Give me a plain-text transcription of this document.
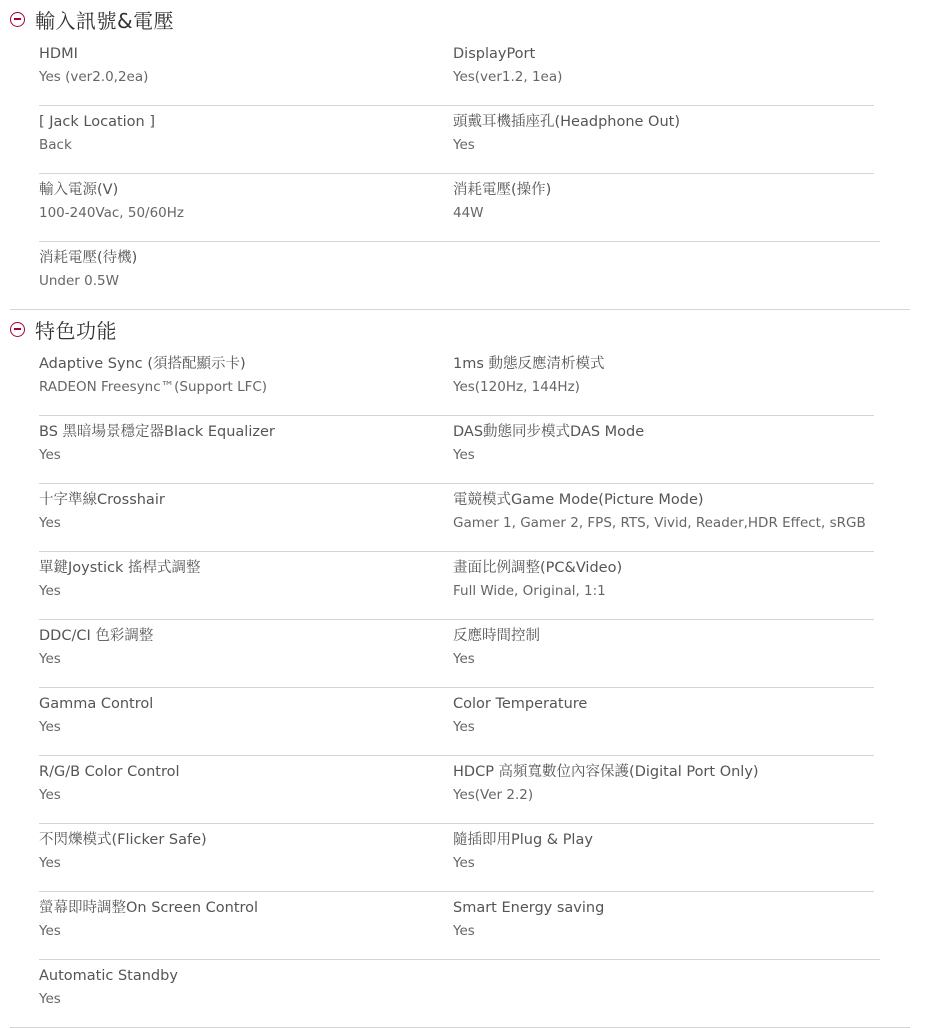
輸入訊號&電壓
HDMI
Yes (ver2.0,2ea)
DisplayPort
Yes(ver1.2, 1ea)
[ Jack Location ]
Back
頭戴耳機插座孔(Headphone Out)
Yes
輸入電源(V)
100-240Vac, 50/60Hz
消耗電壓(操作)
44W
消耗電壓(待機)
Under 0.5W
特色功能
Adaptive Sync (須搭配顯示卡)
RADEON Freesync™(Support LFC)
1ms 動態反應清析模式
Yes(120Hz, 144Hz)
BS 黑暗場景穩定器Black Equalizer
Yes
DAS動態同步模式DAS Mode
Yes
十字準線Crosshair
Yes
電競模式Game Mode(Picture Mode)
Gamer 1, Gamer 2, FPS, RTS, Vivid, Reader,HDR Effect, sRGB
單鍵Joystick 搖桿式調整
Yes
畫面比例調整(PC&Video)
Full Wide, Original, 1:1
DDC/CI 色彩調整
Yes
反應時間控制
Yes
Gamma Control
Yes
Color Temperature
Yes
R/G/B Color Control
Yes
HDCP 高頻寬數位內容保護(Digital Port Only)
Yes(Ver 2.2)
不閃爍模式(Flicker Safe)
Yes
隨插即用Plug & Play
Yes
螢幕即時調整On Screen Control
Yes
Smart Energy saving
Yes
Automatic Standby
Yes
